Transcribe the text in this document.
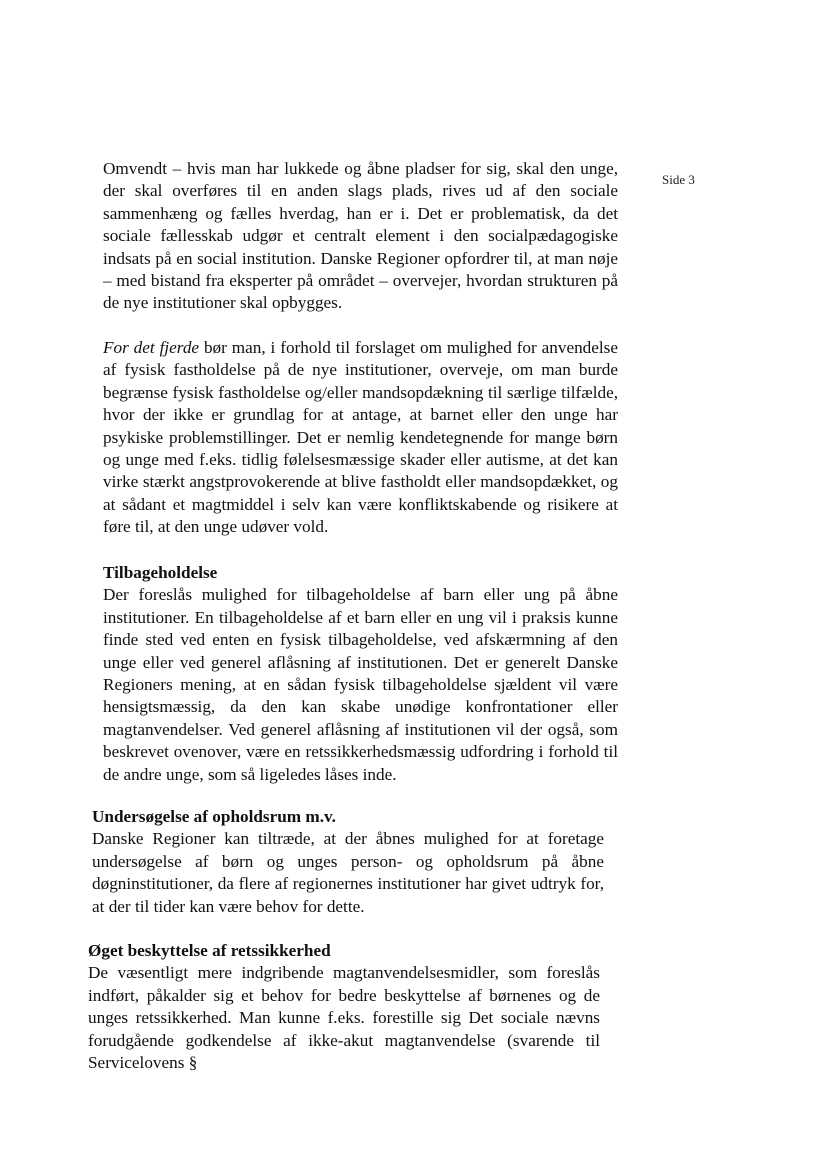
Side 3
Omvendt – hvis man har lukkede og åbne pladser for sig, skal den unge, der skal overføres til en anden slags plads, rives ud af den sociale sammenhæng og fælles hverdag, han er i. Det er problematisk, da det sociale fællesskab udgør et centralt element i den socialpædagogiske indsats på en social institution. Danske Regioner opfordrer til, at man nøje – med bistand fra eksperter på området – overvejer, hvordan strukturen på de nye institutioner skal opbygges.
For det fjerde bør man, i forhold til forslaget om mulighed for anvendelse af fysisk fastholdelse på de nye institutioner, overveje, om man burde begrænse fysisk fastholdelse og/eller mandsopdækning til særlige tilfælde, hvor der ikke er grundlag for at antage, at barnet eller den unge har psykiske problemstillinger. Det er nemlig kendetegnende for mange børn og unge med f.eks. tidlig følelsesmæssige skader eller autisme, at det kan virke stærkt angstprovokerende at blive fastholdt eller mandsopdækket, og at sådant et magtmiddel i selv kan være konfliktskabende og risikere at føre til, at den unge udøver vold.
Tilbageholdelse
Der foreslås mulighed for tilbageholdelse af barn eller ung på åbne institutioner. En tilbageholdelse af et barn eller en ung vil i praksis kunne finde sted ved enten en fysisk tilbageholdelse, ved afskærmning af den unge eller ved generel aflåsning af institutionen. Det er generelt Danske Regioners mening, at en sådan fysisk tilbageholdelse sjældent vil være hensigtsmæssig, da den kan skabe unødige konfrontationer eller magtanvendelser. Ved generel aflåsning af institutionen vil der også, som beskrevet ovenover, være en retssikkerhedsmæssig udfordring i forhold til de andre unge, som så ligeledes låses inde.
Undersøgelse af opholdsrum m.v.
Danske Regioner kan tiltræde, at der åbnes mulighed for at foretage undersøgelse af børn og unges person- og opholdsrum på åbne døgninstitutioner, da flere af regionernes institutioner har givet udtryk for, at der til tider kan være behov for dette.
Øget beskyttelse af retssikkerhed
De væsentligt mere indgribende magtanvendelsesmidler, som foreslås indført, påkalder sig et behov for bedre beskyttelse af børnenes og de unges retssikkerhed. Man kunne f.eks. forestille sig Det sociale nævns forudgående godkendelse af ikke-akut magtanvendelse (svarende til Servicelovens §
